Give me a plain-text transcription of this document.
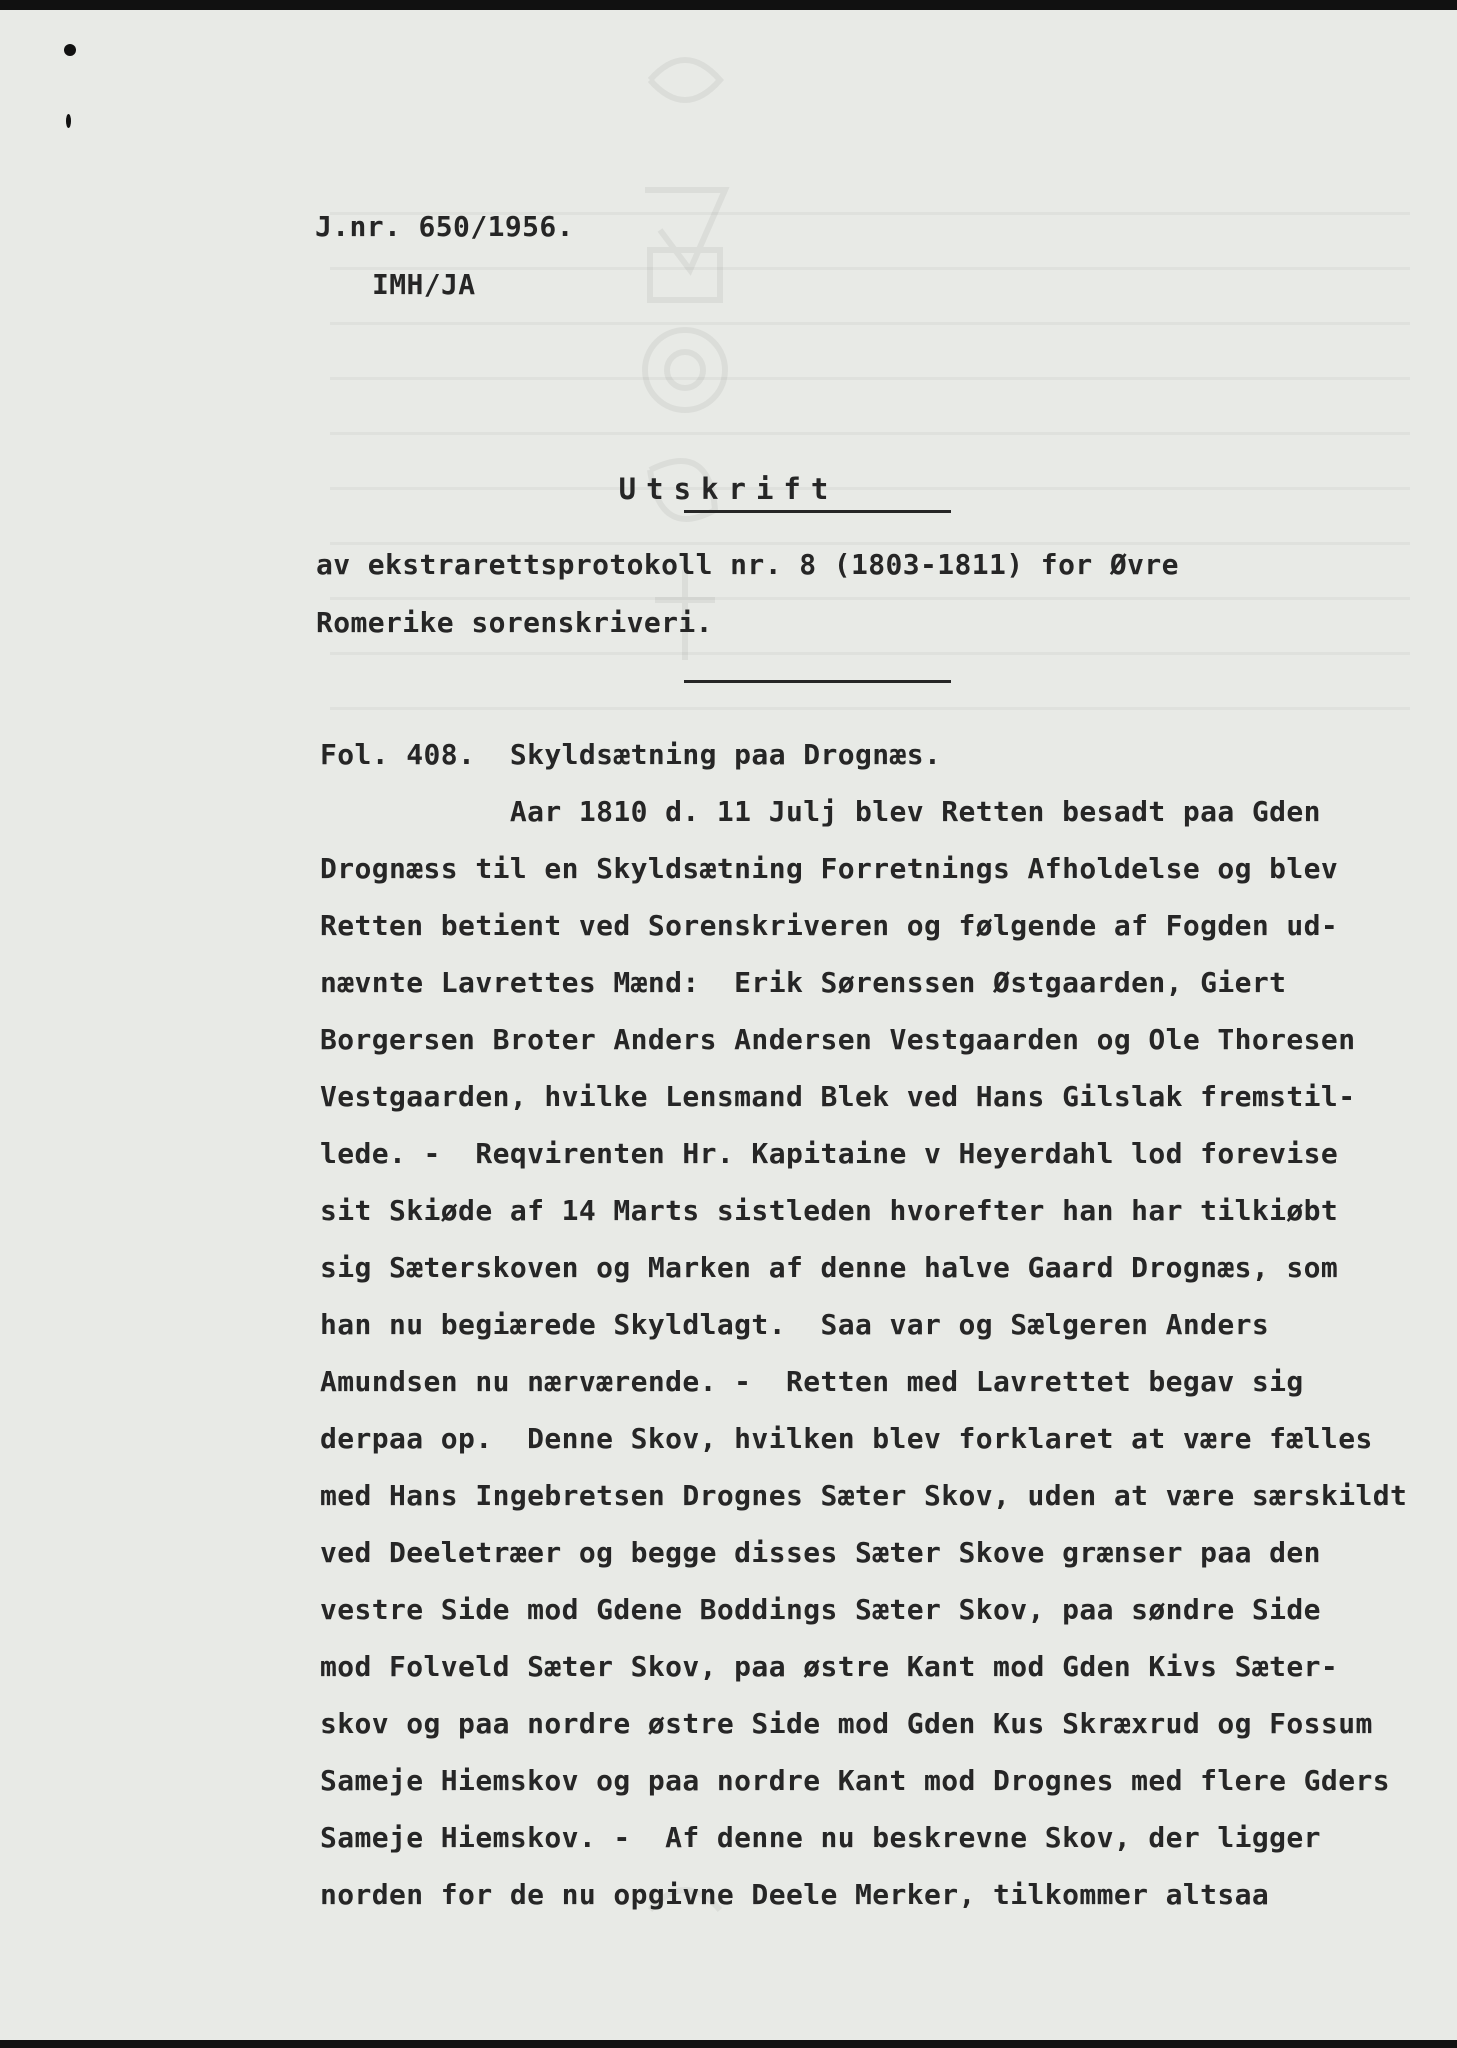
J.nr. 650/1956.
IMH/JA
Utskrift
av ekstrarettsprotokoll nr. 8 (1803-1811) for Øvre
Romerike sorenskriveri.
Fol. 408.  Skyldsætning paa Drognæs.
Aar 1810 d. 11 Julj blev Retten besadt paa Gden
Drognæss til en Skyldsætning Forretnings Afholdelse og blev
Retten betient ved Sorenskriveren og følgende af Fogden ud-
nævnte Lavrettes Mænd:  Erik Sørenssen Østgaarden, Giert
Borgersen Broter Anders Andersen Vestgaarden og Ole Thoresen
Vestgaarden, hvilke Lensmand Blek ved Hans Gilslak fremstil-
lede. -  Reqvirenten Hr. Kapitaine v Heyerdahl lod forevise
sit Skiøde af 14 Marts sistleden hvorefter han har tilkiøbt
sig Sæterskoven og Marken af denne halve Gaard Drognæs, som
han nu begiærede Skyldlagt.  Saa var og Sælgeren Anders
Amundsen nu nærværende. -  Retten med Lavrettet begav sig
derpaa op.  Denne Skov, hvilken blev forklaret at være fælles
med Hans Ingebretsen Drognes Sæter Skov, uden at være særskildt
ved Deeletræer og begge disses Sæter Skove grænser paa den
vestre Side mod Gdene Boddings Sæter Skov, paa søndre Side
mod Folveld Sæter Skov, paa østre Kant mod Gden Kivs Sæter-
skov og paa nordre østre Side mod Gden Kus Skræxrud og Fossum
Sameje Hiemskov og paa nordre Kant mod Drognes med flere Gders
Sameje Hiemskov. -  Af denne nu beskrevne Skov, der ligger
norden for de nu opgivne Deele Merker, tilkommer altsaa
